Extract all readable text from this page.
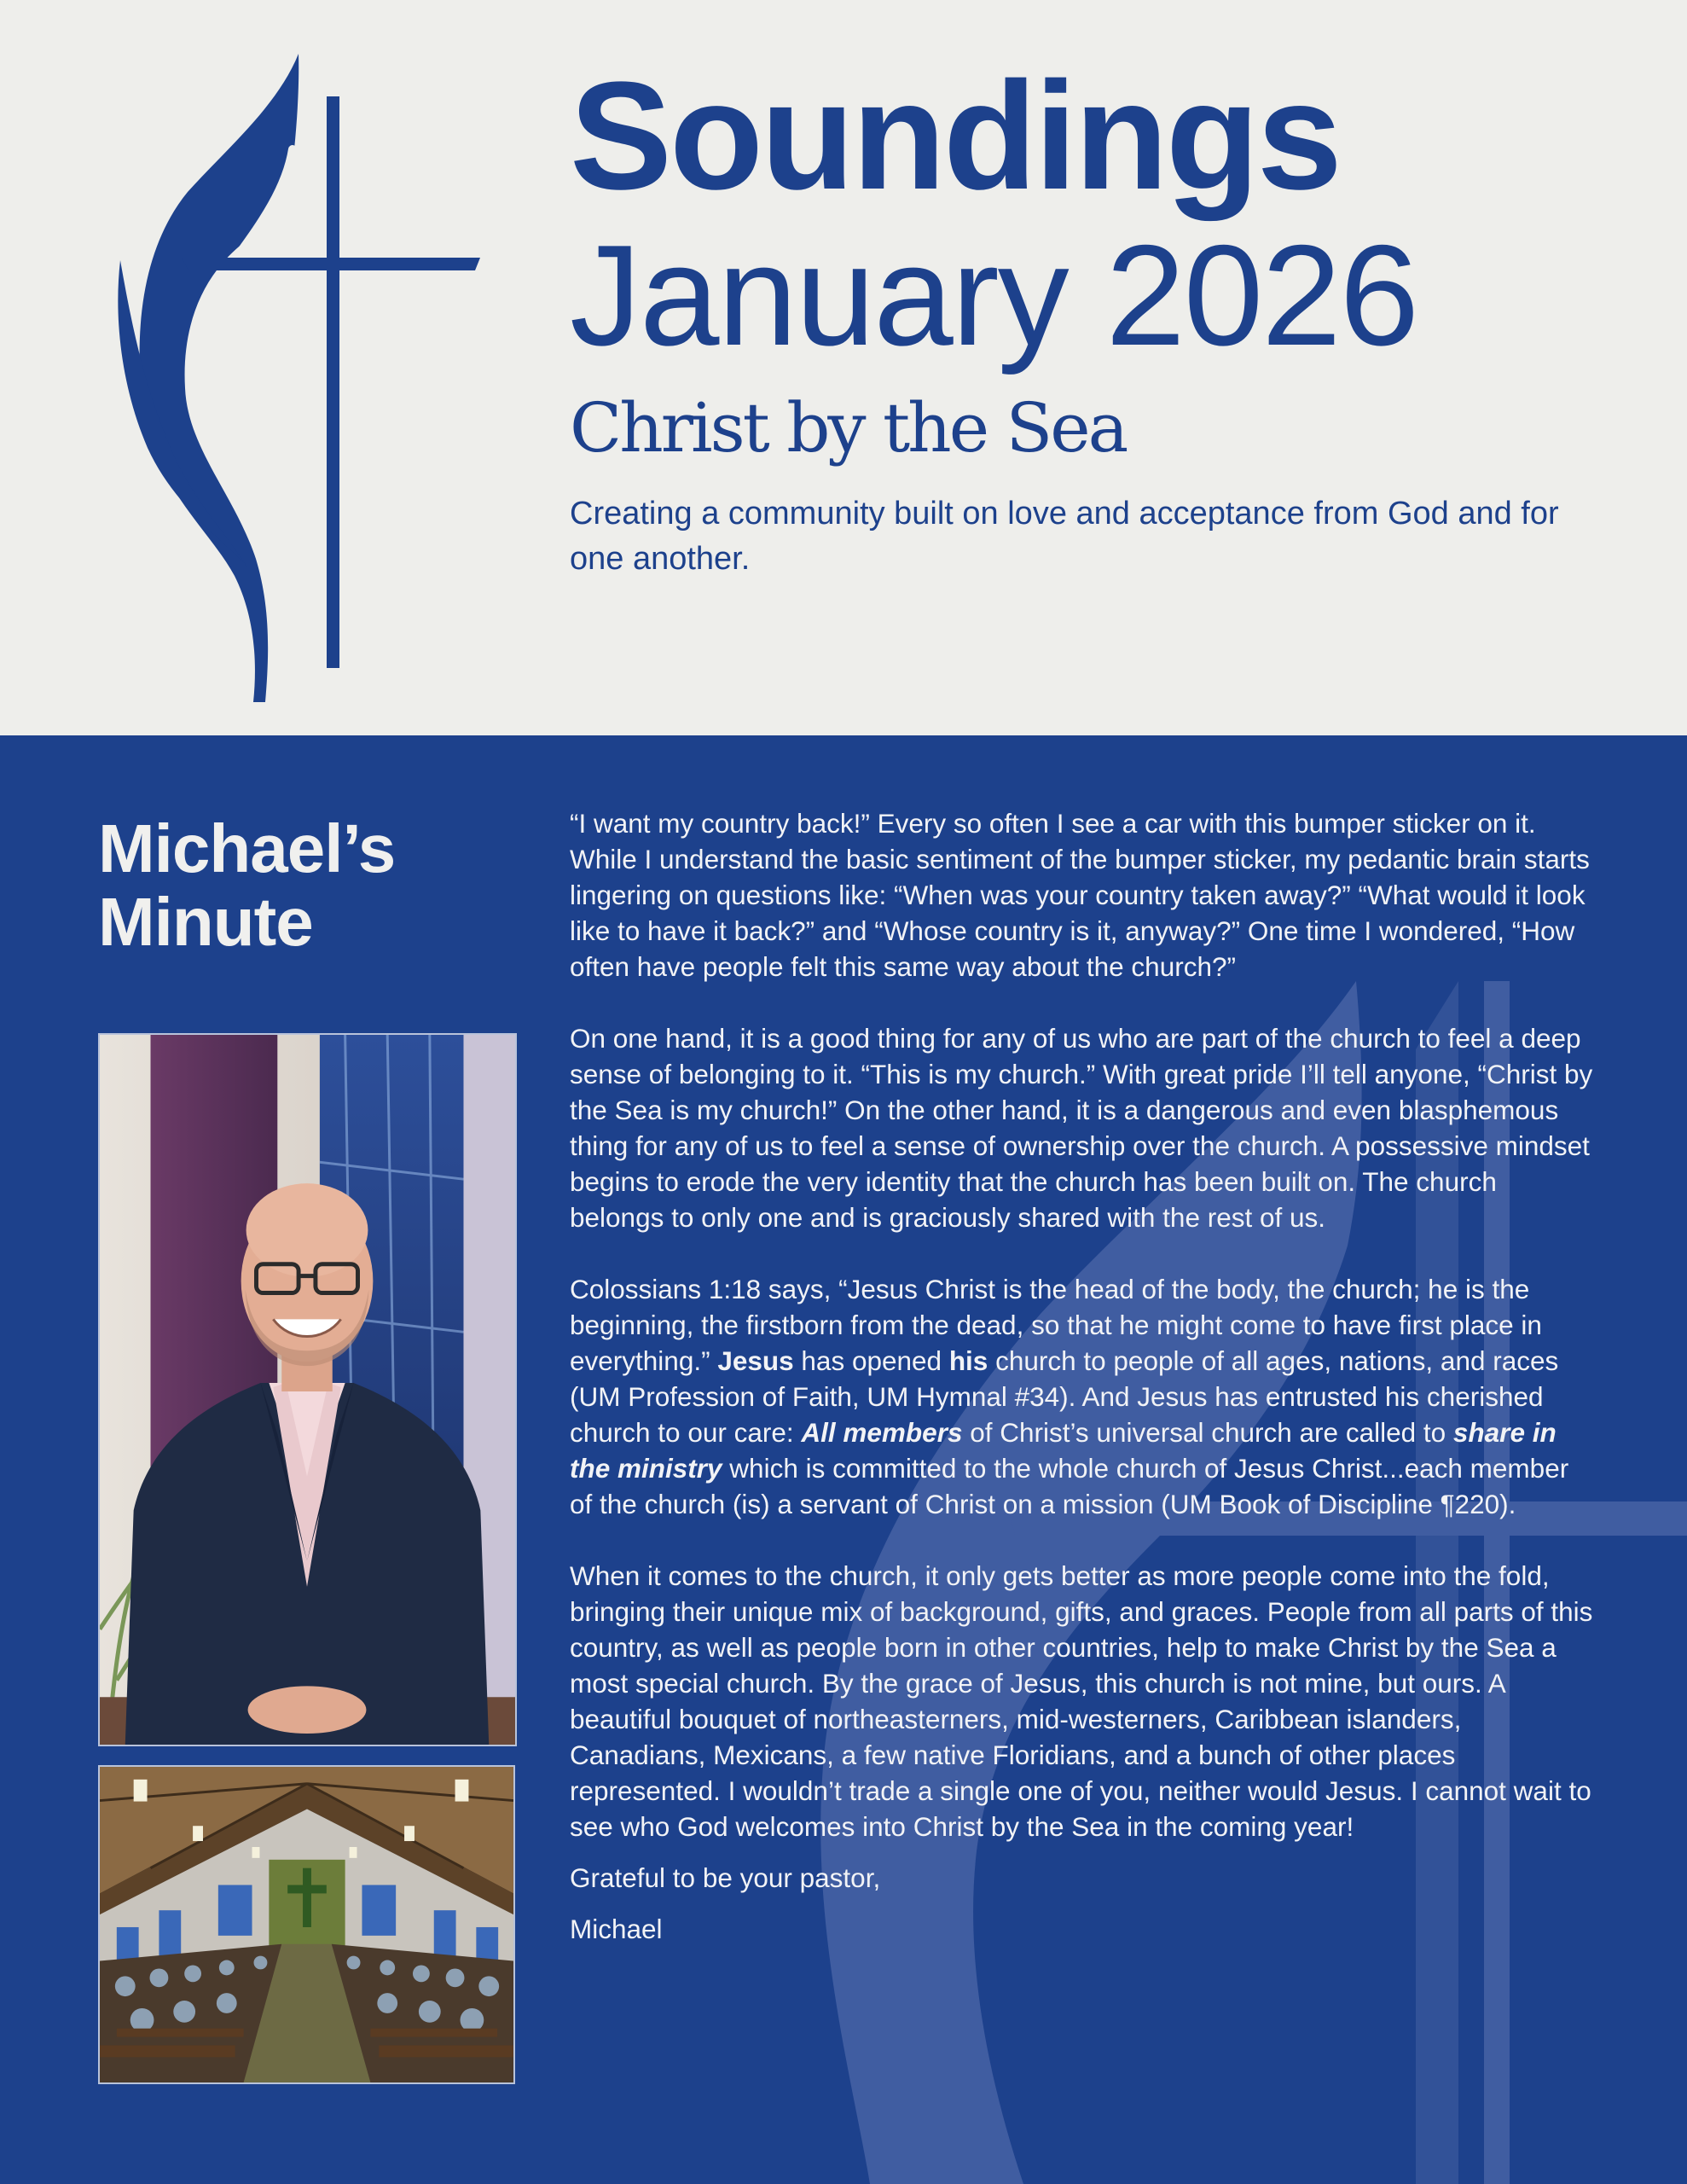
Soundings
January 2026
Christ by the Sea
Creating a community built on love and acceptance from God and for one another.
Michael’s Minute

“I want my country back!” Every so often I see a car with this bumper sticker on it. While I understand the basic sentiment of the bumper sticker, my pedantic brain starts lingering on questions like: “When was your country taken away?” “What would it look like to have it back?” and “Whose country is it, anyway?” One time I wondered, “How often have people felt this same way about the church?”

On one hand, it is a good thing for any of us who are part of the church to feel a deep sense of belonging to it. “This is my church.” With great pride I’ll tell anyone, “Christ by the Sea is my church!” On the other hand, it is a dangerous and even blasphemous thing for any of us to feel a sense of ownership over the church. A possessive mindset begins to erode the very identity that the church has been built on. The church belongs to only one and is graciously shared with the rest of us.

Colossians 1:18 says, “Jesus Christ is the head of the body, the church; he is the beginning, the firstborn from the dead, so that he might come to have first place in everything.” Jesus has opened his church to people of all ages, nations, and races (UM Profession of Faith, UM Hymnal #34). And Jesus has entrusted his cherished church to our care: All members of Christ’s universal church are called to share in the ministry which is committed to the whole church of Jesus Christ...each member of the church (is) a servant of Christ on a mission (UM Book of Discipline ¶220).

When it comes to the church, it only gets better as more people come into the fold, bringing their unique mix of background, gifts, and graces. People from all parts of this country, as well as people born in other countries, help to make Christ by the Sea a most special church. By the grace of Jesus, this church is not mine, but ours. A beautiful bouquet of northeasterners, mid-westerners, Caribbean islanders, Canadians, Mexicans, a few native Floridians, and a bunch of other places represented. I wouldn’t trade a single one of you, neither would Jesus. I cannot wait to see who God welcomes into Christ by the Sea in the coming year!

Grateful to be your pastor,

Michael
